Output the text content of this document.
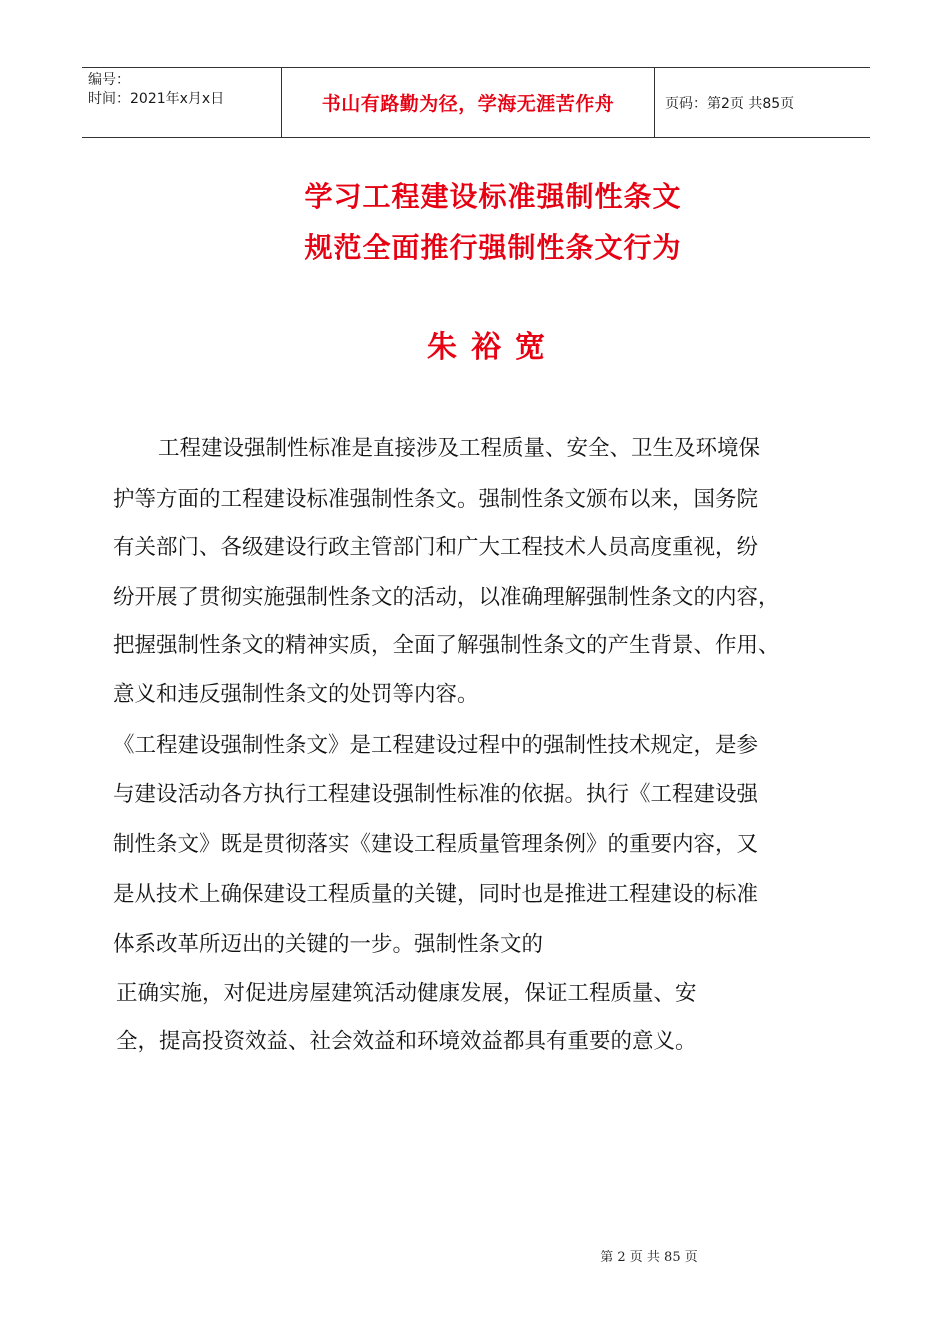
编号：
时间：2021年x月x日	书山有路勤为径，学海无涯苦作舟	页码：第2页 共85页
学习工程建设标准强制性条文
规范全面推行强制性条文行为
朱裕宽
工程建设强制性标准是直接涉及工程质量、安全、卫生及环境保
护等方面的工程建设标准强制性条文。强制性条文颁布以来，国务院
有关部门、各级建设行政主管部门和广大工程技术人员高度重视，纷
纷开展了贯彻实施强制性条文的活动，以准确理解强制性条文的内容，
把握强制性条文的精神实质，全面了解强制性条文的产生背景、作用、
意义和违反强制性条文的处罚等内容。
《工程建设强制性条文》是工程建设过程中的强制性技术规定，是参
与建设活动各方执行工程建设强制性标准的依据。执行《工程建设强
制性条文》既是贯彻落实《建设工程质量管理条例》的重要内容，又
是从技术上确保建设工程质量的关键，同时也是推进工程建设的标准
体系改革所迈出的关键的一步。强制性条文的
正确实施，对促进房屋建筑活动健康发展，保证工程质量、安
全，提高投资效益、社会效益和环境效益都具有重要的意义。
第 2 页 共 85 页
